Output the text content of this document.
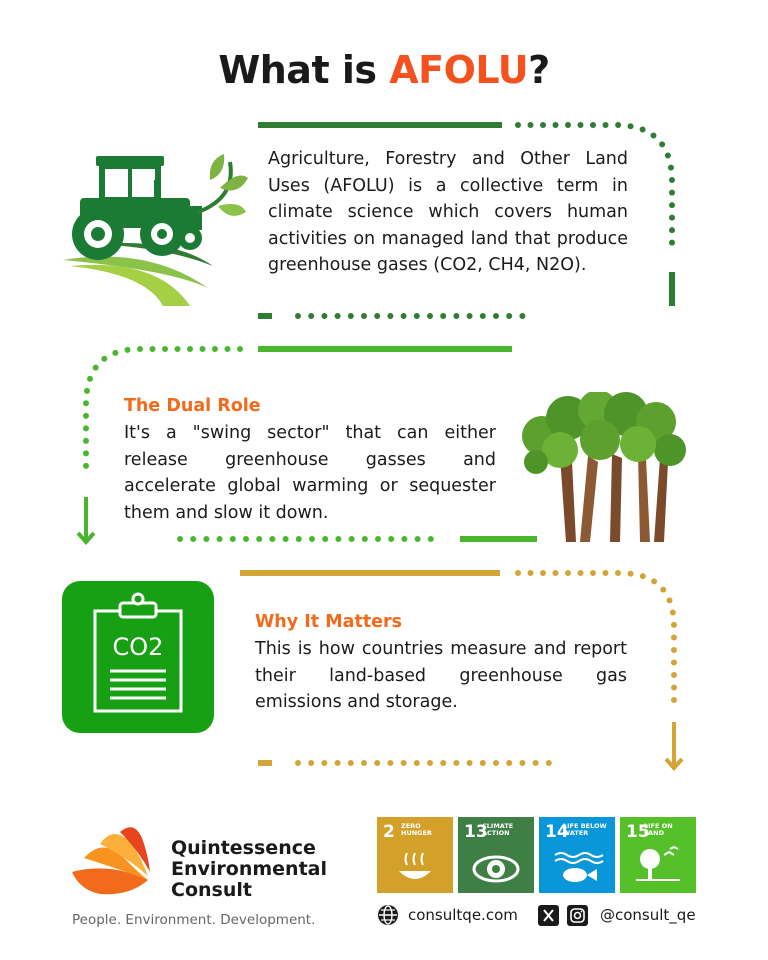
What is AFOLU?
Agriculture, Forestry and Other Land Uses (AFOLU) is a collective term in climate science which covers human activities on managed land that produce greenhouse gases (CO2, CH4, N2O).
The Dual Role
It's a "swing sector" that can either release greenhouse gasses and accelerate global warming or sequester them and slow it down.
CO2
Why It Matters
This is how countries measure and report their land-based greenhouse gas emissions and storage.
Quintessence
Environmental
Consult
People. Environment. Development.
2 ZERO HUNGER	13
CLIMATE ACTION	14
LIFE BELOW WATER	15
LIFE ON LAND
consultqe.com	@consult_qe
